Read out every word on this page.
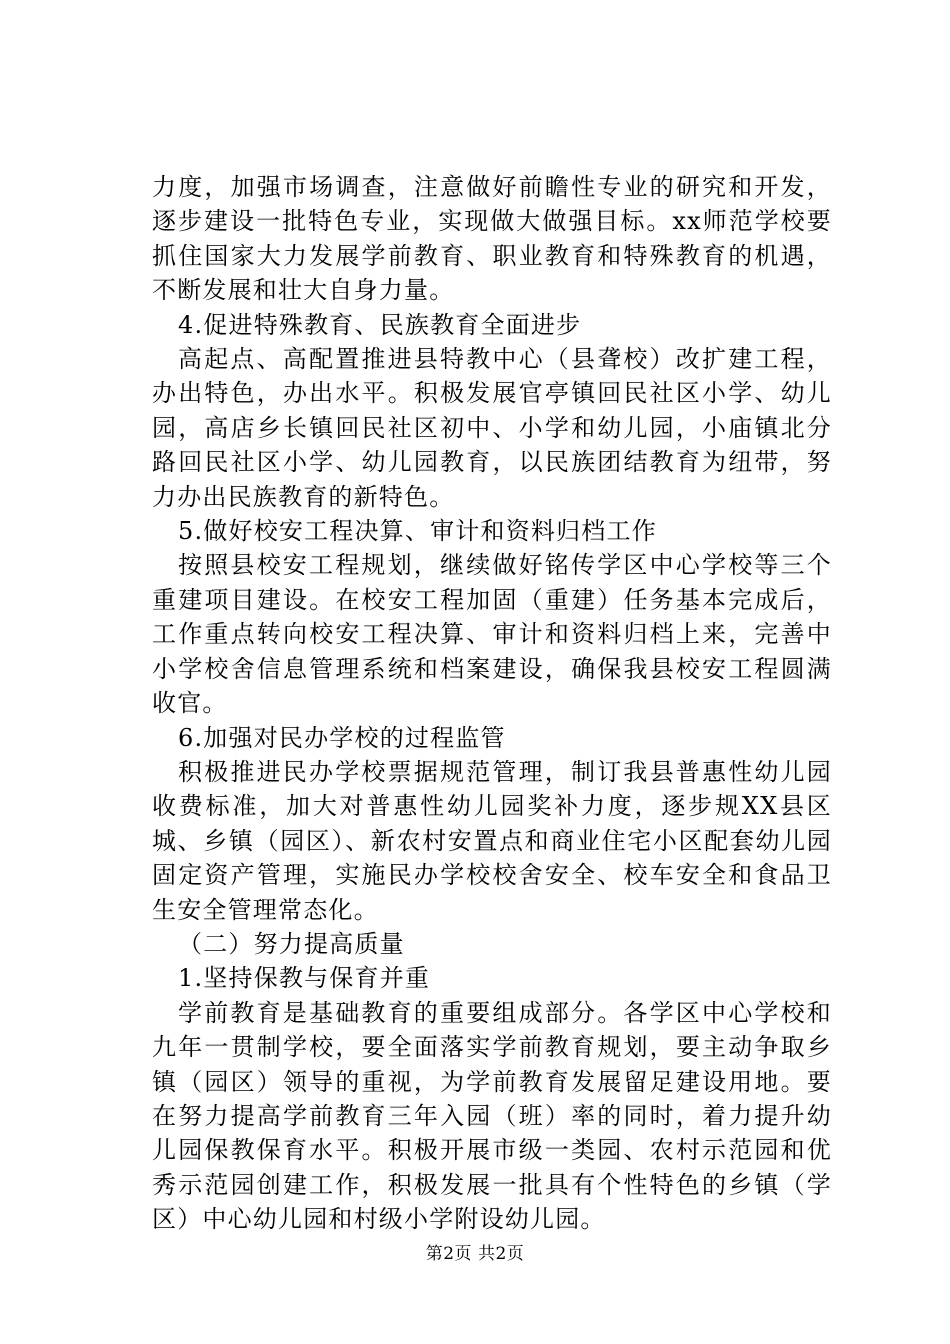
力度，加强市场调查，注意做好前瞻性专业的研究和开发，逐步建设一批特色专业，实现做大做强目标。xx师范学校要抓住国家大力发展学前教育、职业教育和特殊教育的机遇，不断发展和壮大自身力量。

4.促进特殊教育、民族教育全面进步

高起点、高配置推进县特教中心（县聋校）改扩建工程，办出特色，办出水平。积极发展官亭镇回民社区小学、幼儿园，高店乡长镇回民社区初中、小学和幼儿园，小庙镇北分路回民社区小学、幼儿园教育，以民族团结教育为纽带，努力办出民族教育的新特色。

5.做好校安工程决算、审计和资料归档工作

按照县校安工程规划，继续做好铭传学区中心学校等三个重建项目建设。在校安工程加固（重建）任务基本完成后，工作重点转向校安工程决算、审计和资料归档上来，完善中小学校舍信息管理系统和档案建设，确保我县校安工程圆满收官。

6.加强对民办学校的过程监管

积极推进民办学校票据规范管理，制订我县普惠性幼儿园收费标准，加大对普惠性幼儿园奖补力度，逐步规XX县区城、乡镇（园区）、新农村安置点和商业住宅小区配套幼儿园固定资产管理，实施民办学校校舍安全、校车安全和食品卫生安全管理常态化。

（二）努力提高质量

1.坚持保教与保育并重

学前教育是基础教育的重要组成部分。各学区中心学校和九年一贯制学校，要全面落实学前教育规划，要主动争取乡镇（园区）领导的重视，为学前教育发展留足建设用地。要在努力提高学前教育三年入园（班）率的同时，着力提升幼儿园保教保育水平。积极开展市级一类园、农村示范园和优秀示范园创建工作，积极发展一批具有个性特色的乡镇（学区）中心幼儿园和村级小学附设幼儿园。

第2页 共2页
